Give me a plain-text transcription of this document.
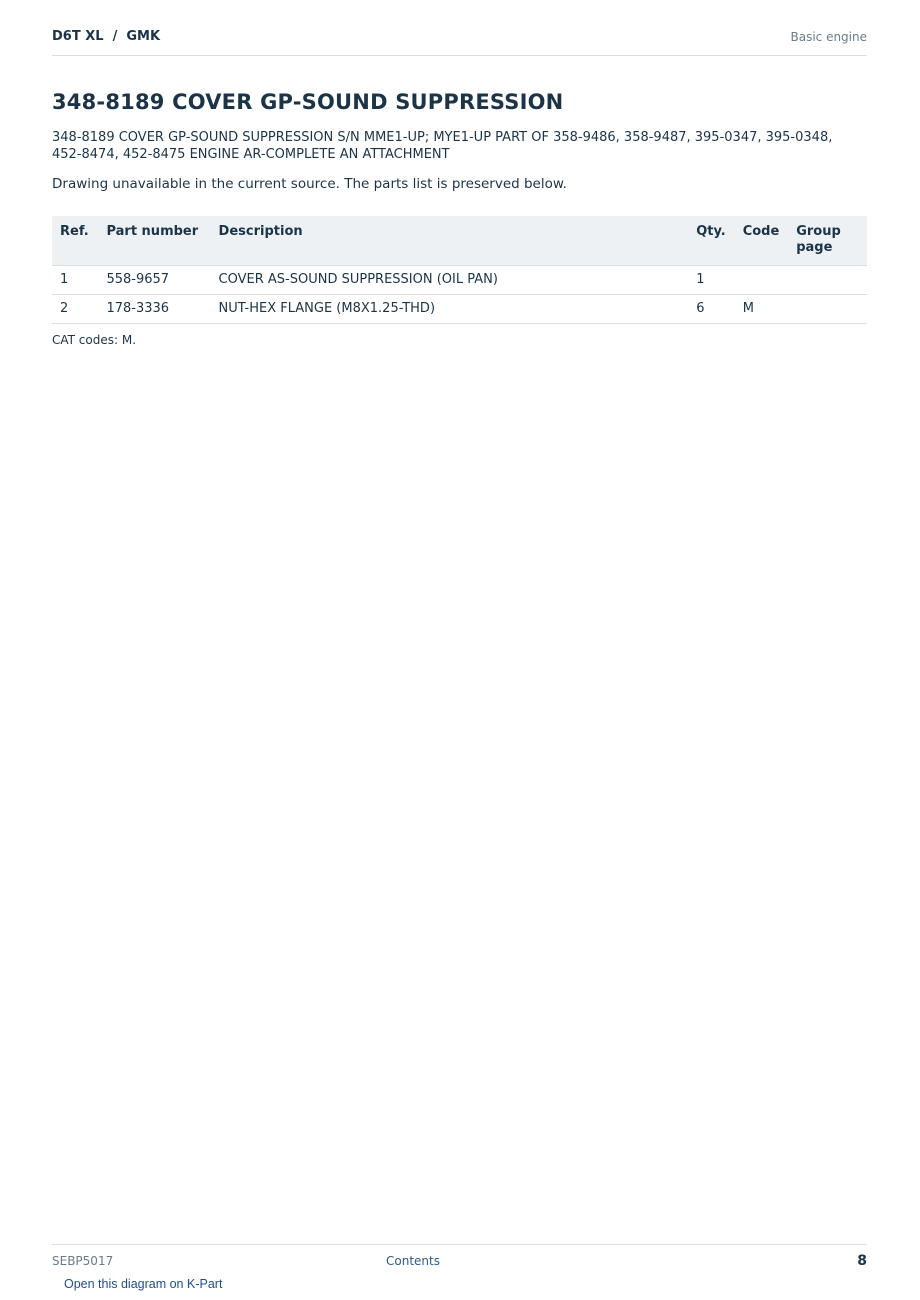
D6T XL  /  GMK	Basic engine
348-8189 COVER GP-SOUND SUPPRESSION

348-8189 COVER GP-SOUND SUPPRESSION S/N MME1-UP; MYE1-UP PART OF 358-9486, 358-9487, 395-0347, 395-0348, 452-8474, 452-8475 ENGINE AR-COMPLETE AN ATTACHMENT

Drawing unavailable in the current source. The parts list is preserved below.

Ref.	Part number	Description	Qty.	Code	Group page
1	558-9657	COVER AS-SOUND SUPPRESSION (OIL PAN)	1		
2	178-3336	NUT-HEX FLANGE (M8X1.25-THD)	6	M	

CAT codes: M.

SEBP5017	Contents	8
Open this diagram on K-Part
